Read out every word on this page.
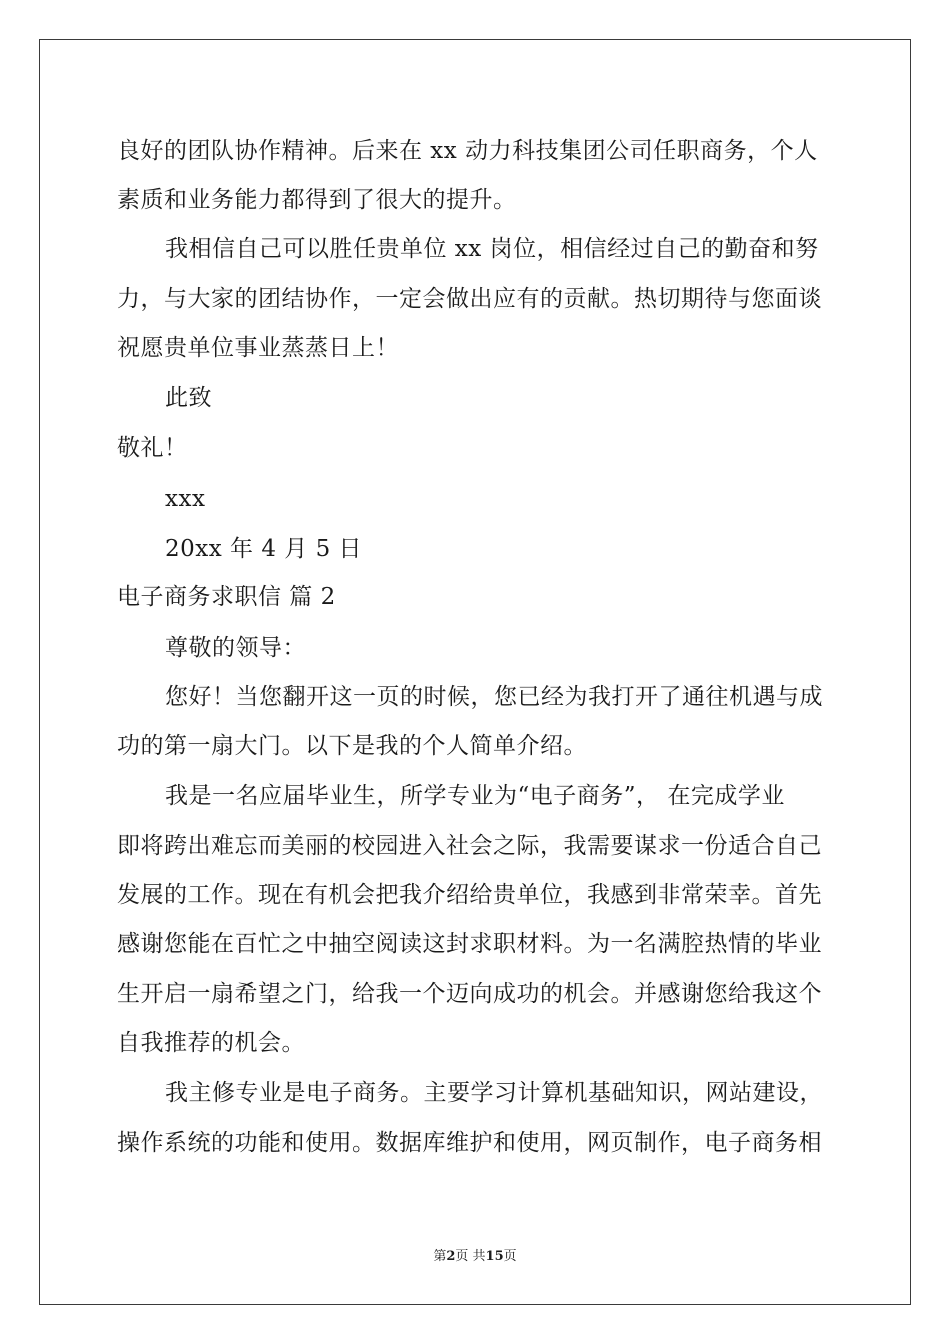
良好的团队协作精神。后来在 xx 动力科技集团公司任职商务，个人
素质和业务能力都得到了很大的提升。
我相信自己可以胜任贵单位 xx 岗位，相信经过自己的勤奋和努
力，与大家的团结协作，一定会做出应有的贡献。热切期待与您面谈
祝愿贵单位事业蒸蒸日上！
此致
敬礼！
xxx
20xx 年 4 月 5 日
电子商务求职信 篇 2
尊敬的领导：
您好！当您翻开这一页的时候，您已经为我打开了通往机遇与成
功的第一扇大门。以下是我的个人简单介绍。
我是一名应届毕业生，所学专业为“电子商务”， 在完成学业
即将跨出难忘而美丽的校园进入社会之际，我需要谋求一份适合自己
发展的工作。现在有机会把我介绍给贵单位，我感到非常荣幸。首先
感谢您能在百忙之中抽空阅读这封求职材料。为一名满腔热情的毕业
生开启一扇希望之门，给我一个迈向成功的机会。并感谢您给我这个
自我推荐的机会。
我主修专业是电子商务。主要学习计算机基础知识，网站建设，
操作系统的功能和使用。数据库维护和使用，网页制作，电子商务相
第2页 共15页
